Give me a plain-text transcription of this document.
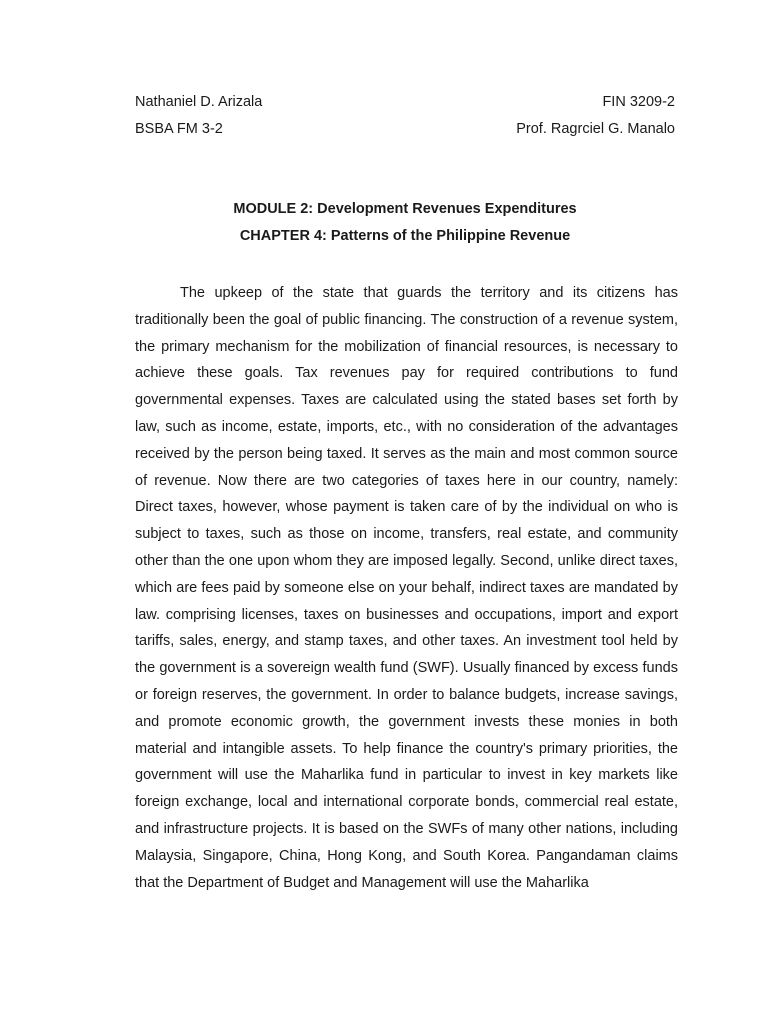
Nathaniel D. Arizala	FIN 3209-2
BSBA FM 3-2	Prof. Ragrciel G. Manalo
MODULE 2: Development Revenues Expenditures
CHAPTER 4: Patterns of the Philippine Revenue

The upkeep of the state that guards the territory and its citizens has traditionally been the goal of public financing. The construction of a revenue system, the primary mechanism for the mobilization of financial resources, is necessary to achieve these goals. Tax revenues pay for required contributions to fund governmental expenses. Taxes are calculated using the stated bases set forth by law, such as income, estate, imports, etc., with no consideration of the advantages received by the person being taxed. It serves as the main and most common source of revenue. Now there are two categories of taxes here in our country, namely: Direct taxes, however, whose payment is taken care of by the individual on who is subject to taxes, such as those on income, transfers, real estate, and community other than the one upon whom they are imposed legally. Second, unlike direct taxes, which are fees paid by someone else on your behalf, indirect taxes are mandated by law. comprising licenses, taxes on businesses and occupations, import and export tariffs, sales, energy, and stamp taxes, and other taxes. An investment tool held by the government is a sovereign wealth fund (SWF). Usually financed by excess funds or foreign reserves, the government. In order to balance budgets, increase savings, and promote economic growth, the government invests these monies in both material and intangible assets. To help finance the country's primary priorities, the government will use the Maharlika fund in particular to invest in key markets like foreign exchange, local and international corporate bonds, commercial real estate, and infrastructure projects. It is based on the SWFs of many other nations, including Malaysia, Singapore, China, Hong Kong, and South Korea. Pangandaman claims that the Department of Budget and Management will use the Maharlika
